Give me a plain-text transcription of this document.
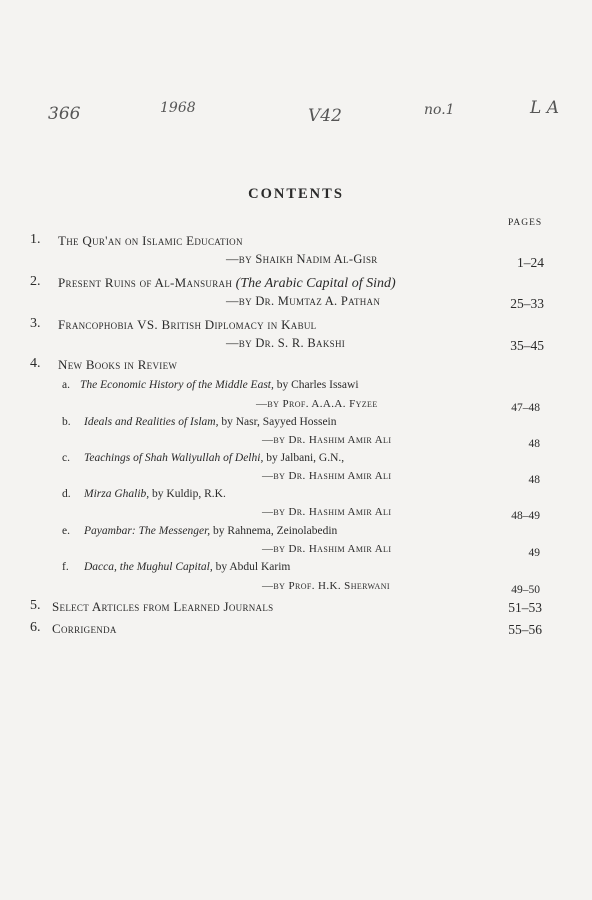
366	1968	V42	no.1	L A
CONTENTS
PAGES
1. The Qur'an on Islamic Education
—by Shaikh Nadim Al-Gisr	1–24
2. Present Ruins of Al-Mansurah (The Arabic Capital of Sind)
—by Dr. Mumtaz A. Pathan	25–33
3. Francophobia VS. British Diplomacy in Kabul
—by Dr. S. R. Bakshi	35–45
4. New Books in Review
a. The Economic History of the Middle East, by Charles Issawi
—by Prof. A.A.A. Fyzee	47–48
b. Ideals and Realities of Islam, by Nasr, Sayyed Hossein
—by Dr. Hashim Amir Ali	48
c. Teachings of Shah Waliyullah of Delhi, by Jalbani, G.N.,
—by Dr. Hashim Amir Ali	48
d. Mirza Ghalib, by Kuldip, R.K.
—by Dr. Hashim Amir Ali	48–49
e. Payambar: The Messenger, by Rahnema, Zeinolabedin
—by Dr. Hashim Amir Ali	49
f. Dacca, the Mughul Capital, by Abdul Karim
—by Prof. H.K. Sherwani	49–50
5. Select Articles from Learned Journals	51–53
6. Corrigenda	55–56
